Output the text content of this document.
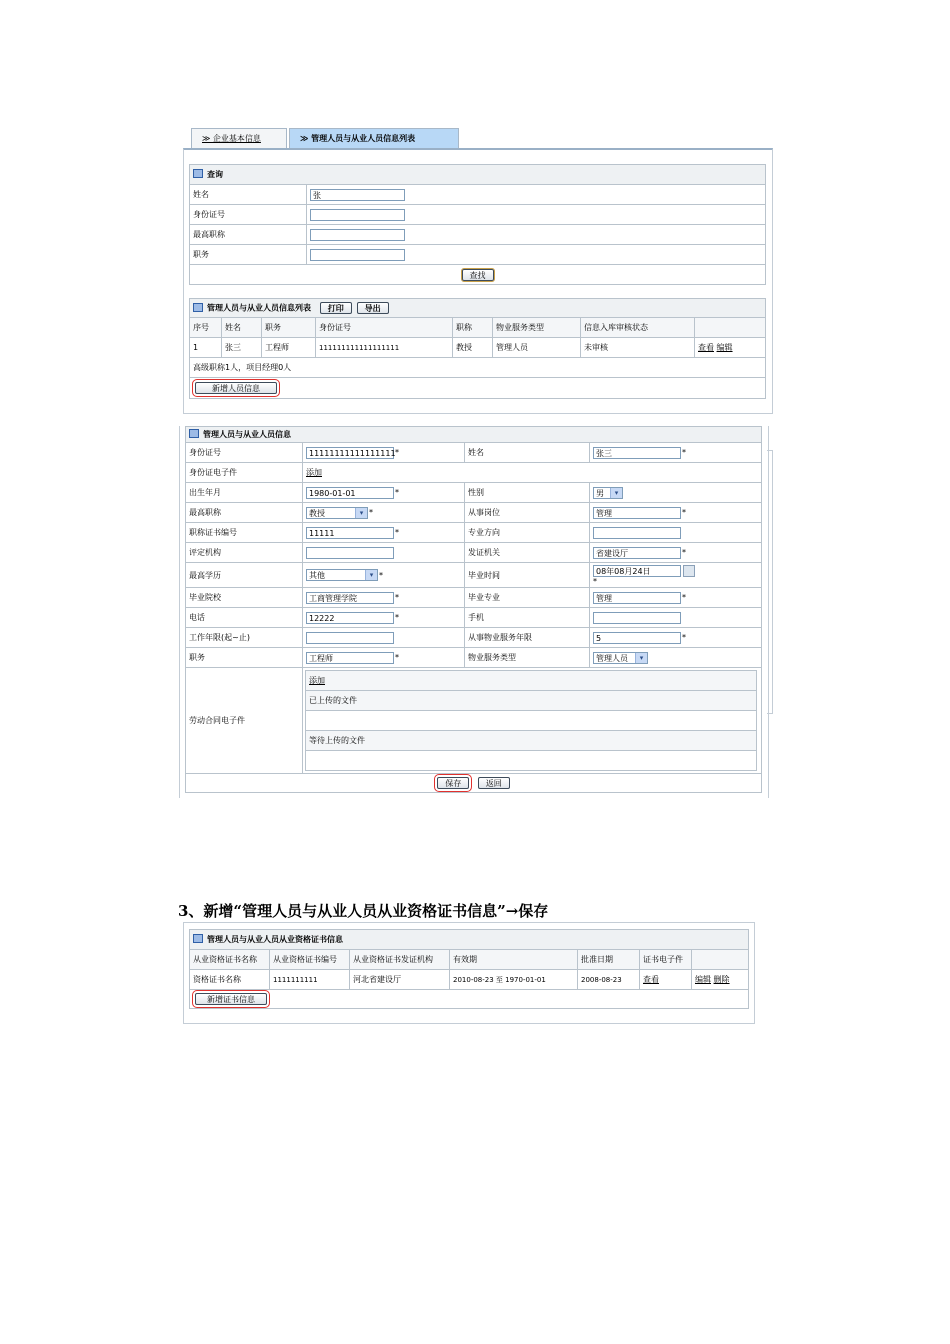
≫ 企业基本信息	≫ 管理人员与从业人员信息列表
查询	
姓名	张
身份证号	
最高职称	
职务	
查找	
管理人员与从业人员信息列表 打印 导出							
序号	姓名	职务	身份证号	职称	物业服务类型	信息入库审核状态	
1	张三	工程师	111111111111111111	教授	管理人员	未审核	查看 编辑
高级职称1人，项目经理0人							
新增人员信息							
管理人员与从业人员信息
身份证号	11111111111111111*	姓名	张三	*
身份证电子件	添加
出生年月	1980-01-01	*	性别	男	▾

最高职称	教授	▾ *	从事岗位	管理	*
职称证书编号	11111	*	专业方向	
评定机构		发证机关	省建设厅	*
最高学历	其他	▾ *	毕业时间	08年08月24日
*
毕业院校	工商管理学院	*	毕业专业	管理	*
电话	12222	*	手机	
工作年限(起~止)		从事物业服务年限	5	*
职务	工程师	*	物业服务类型	管理人员	▾

劳动合同电子件	
添加
已上传的文件

等待上传的文件

保存	返回
3、新增“管理人员与从业人员从业资格证书信息”→保存
管理人员与从业人员从业资格证书信息						
从业资格证书名称	从业资格证书编号	从业资格证书发证机构	有效期	批准日期	证书电子件	
资格证书名称	1111111111	河北省建设厅	2010-08-23 至 1970-01-01	2008-08-23	查看	编辑 删除
新增证书信息						
